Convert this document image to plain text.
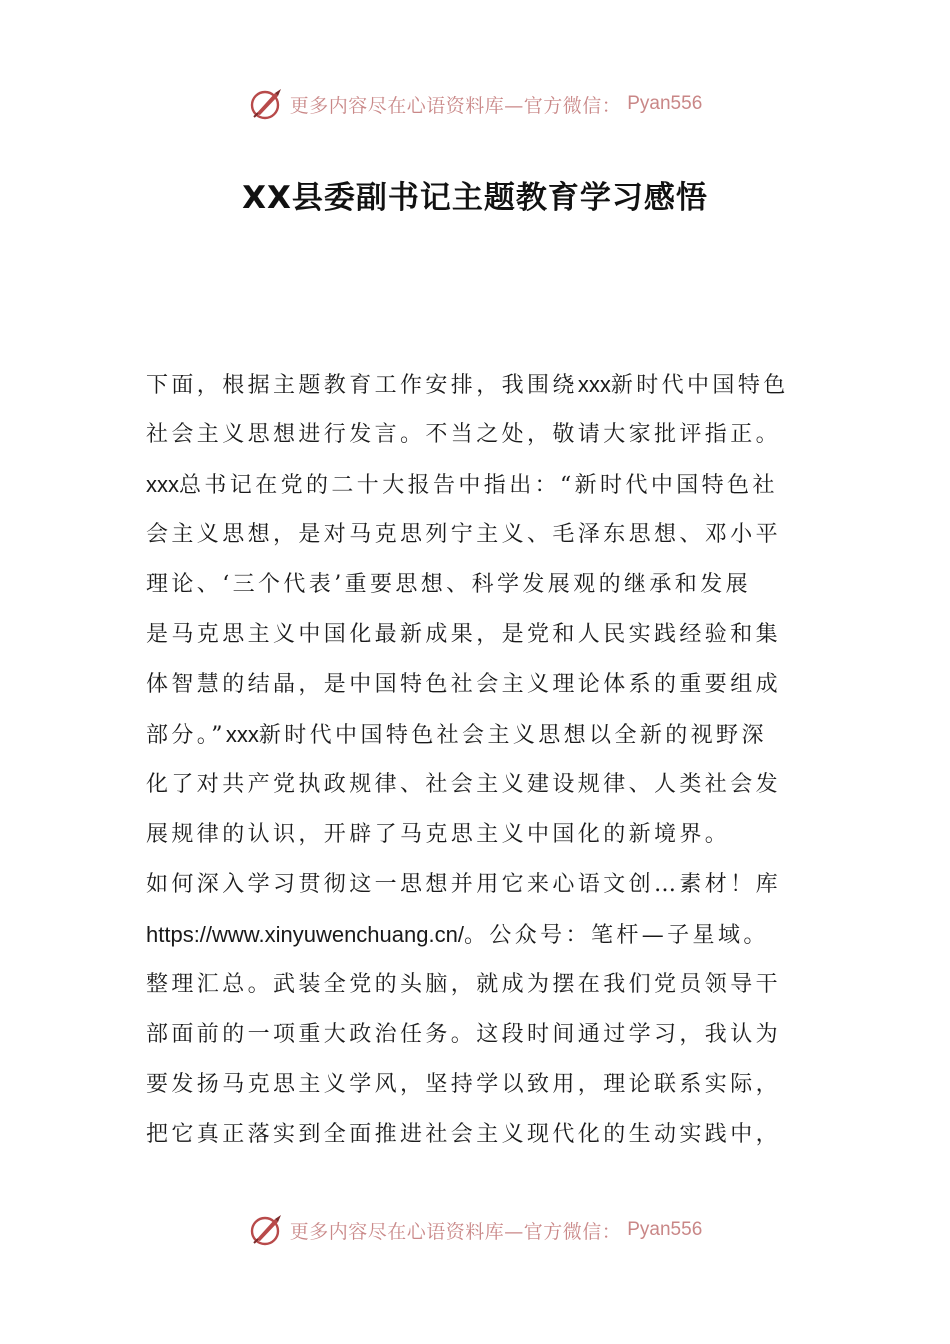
更多内容尽在心语资料库—官方微信： Pyan556
XX县委副书记主题教育学习感悟
下面，根据主题教育工作安排，我围绕xxx新时代中国特色
社会主义思想进行发言。不当之处，敬请大家批评指正。
xxx总书记在党的二十大报告中指出：“新时代中国特色社
会主义思想，是对马克思列宁主义、毛泽东思想、邓小平
理论、‘三个代表’重要思想、科学发展观的继承和发展
是马克思主义中国化最新成果，是党和人民实践经验和集
体智慧的结晶，是中国特色社会主义理论体系的重要组成
部分。”xxx新时代中国特色社会主义思想以全新的视野深
化了对共产党执政规律、社会主义建设规律、人类社会发
展规律的认识，开辟了马克思主义中国化的新境界。
如何深入学习贯彻这一思想并用它来心语文创…素材！库
https://www.xinyuwenchuang.cn/。公众号：笔杆—子星域。
整理汇总。武装全党的头脑，就成为摆在我们党员领导干
部面前的一项重大政治任务。这段时间通过学习，我认为
要发扬马克思主义学风，坚持学以致用，理论联系实际，
把它真正落实到全面推进社会主义现代化的生动实践中，
更多内容尽在心语资料库—官方微信： Pyan556
